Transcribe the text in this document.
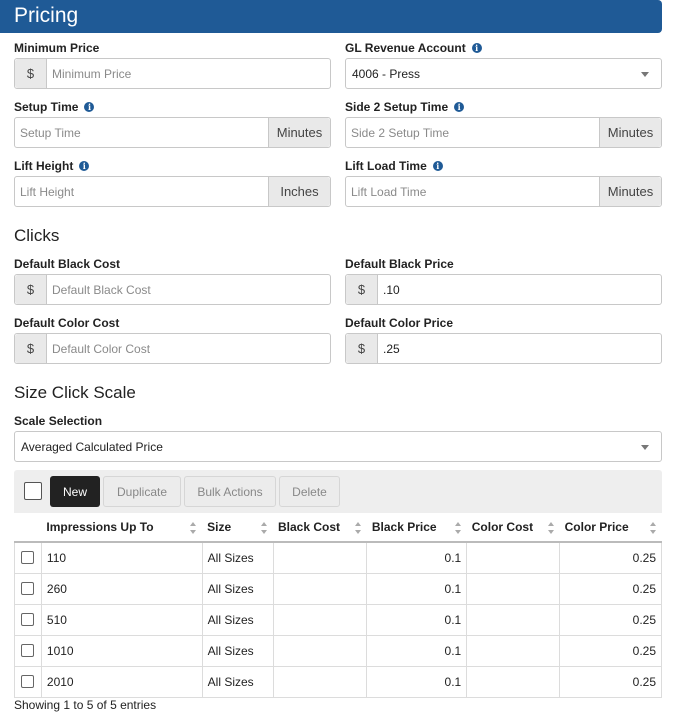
Pricing
Minimum Price
$	Minimum Price
GL Revenue Account	i
4006 - Press
Setup Time	i
Setup Time	Minutes
Side 2 Setup Time	i
Side 2 Setup Time	Minutes
Lift Height	i
Lift Height	Inches
Lift Load Time	i
Lift Load Time	Minutes
Clicks
Default Black Cost
$	Default Black Cost
Default Black Price
$	.10
Default Color Cost
$	Default Color Cost
Default Color Price
$	.25
Size Click Scale
Scale Selection
Averaged Calculated Price
New	Duplicate	Bulk Actions	Delete
	Impressions Up To	Size	Black Cost	Black Price	Color Cost	Color Price

	110	All Sizes		0.1		0.25

	260	All Sizes		0.1		0.25

	510	All Sizes		0.1		0.25

	1010	All Sizes		0.1		0.25

	2010	All Sizes		0.1		0.25
Showing 1 to 5 of 5 entries
